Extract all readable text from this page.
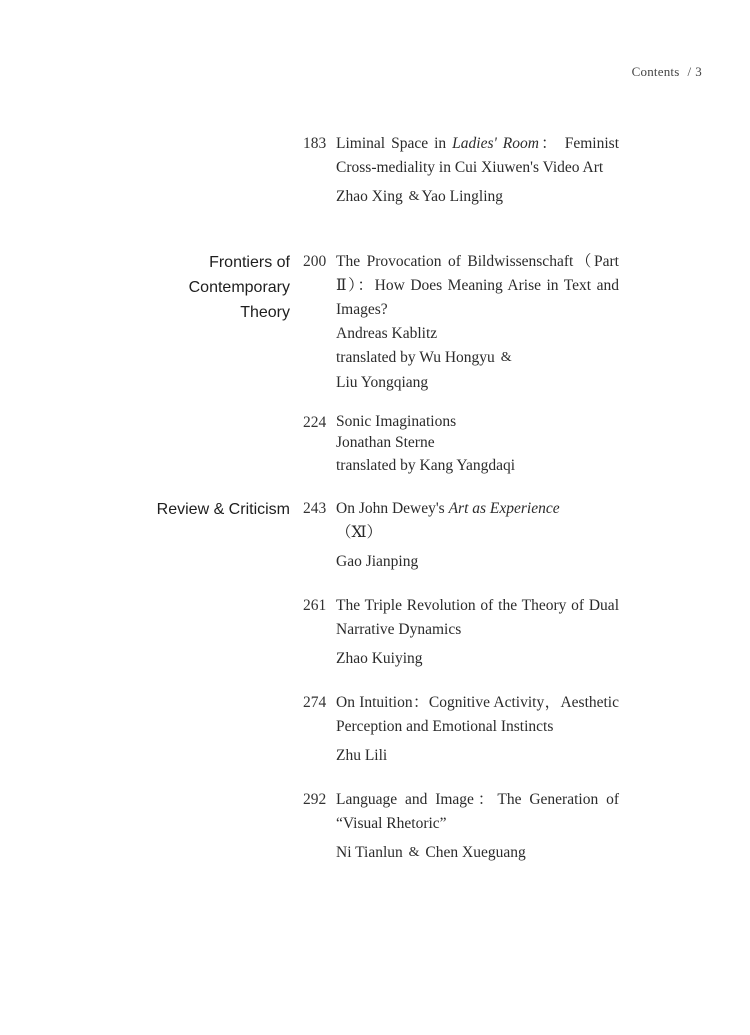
Contents / 3
Frontiers of
Contemporary
Theory
Review & Criticism
183 Liminal Space in Ladies' Room： Feminist Cross-mediality in Cui Xiuwen's Video Art
Zhao Xing & Yao Lingling
200 The Provocation of Bildwissenschaft（Part Ⅱ）：How Does Meaning Arise in Text and Images?
Andreas Kablitz
translated by Wu Hongyu &
Liu Yongqiang
224 Sonic Imaginations
Jonathan Sterne
translated by Kang Yangdaqi
243 On John Dewey's Art as Experience
（Ⅺ）
Gao Jianping
261 The Triple Revolution of the Theory of Dual Narrative Dynamics
Zhao Kuiying
274 On Intuition：Cognitive Activity，Aesthetic Perception and Emotional Instincts
Zhu Lili
292 Language and Image：The Generation of “Visual Rhetoric”
Ni Tianlun & Chen Xueguang
